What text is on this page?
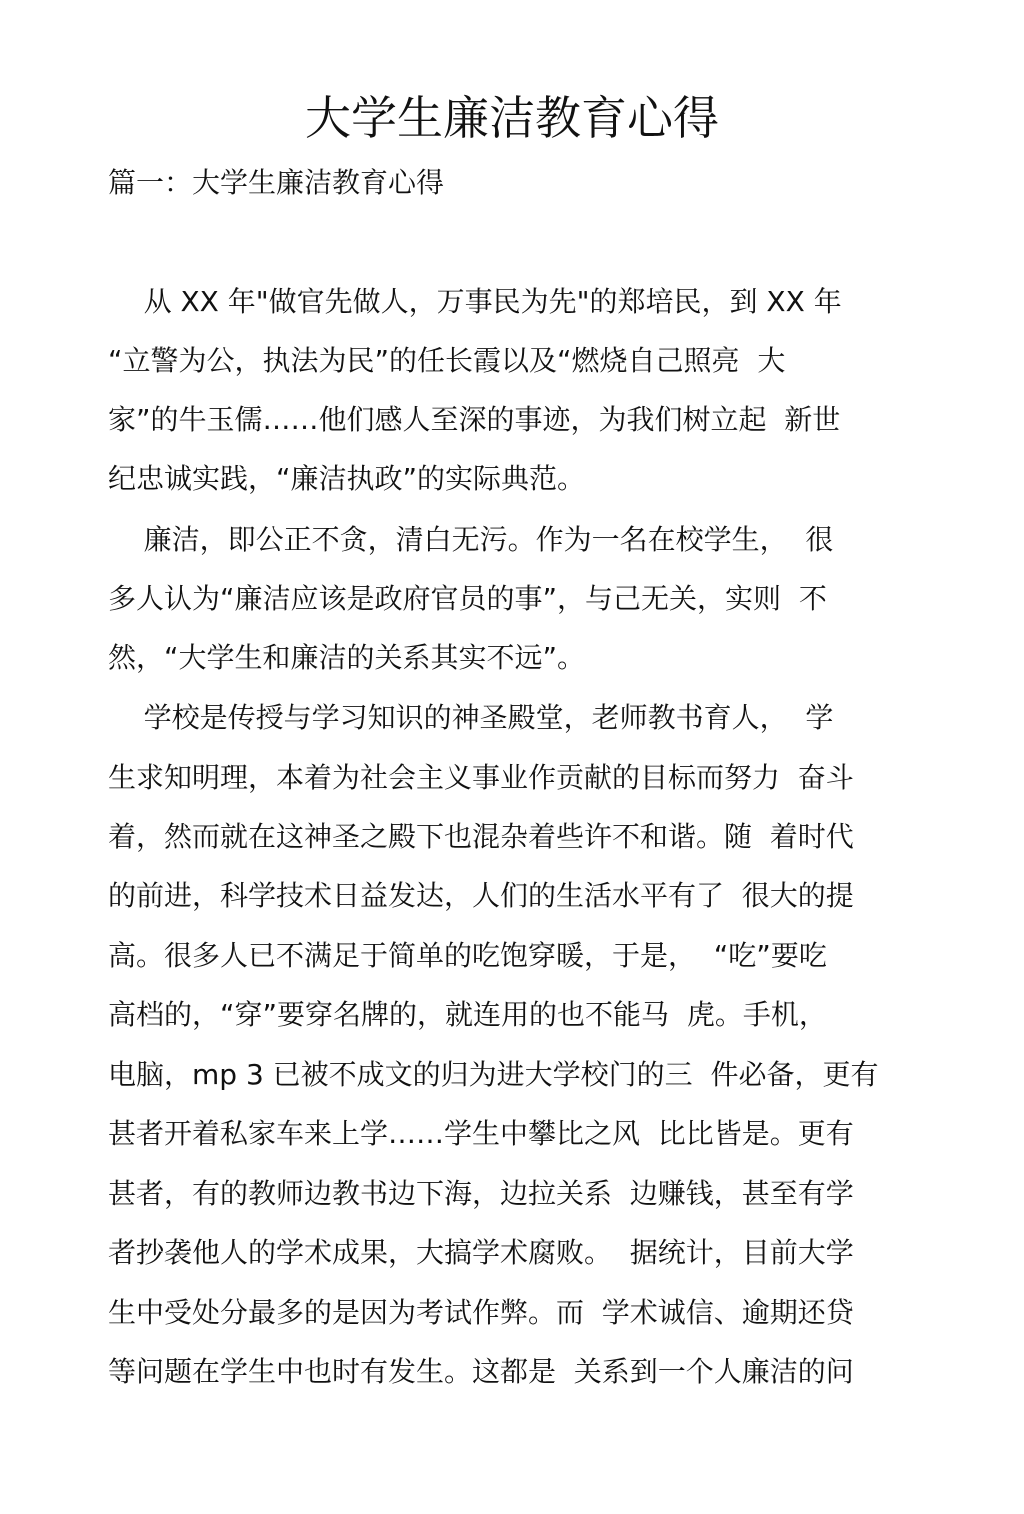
大学生廉洁教育心得
篇一：大学生廉洁教育心得

从 XX 年"做官先做人，万事民为先"的郑培民，到 XX 年

“立警为公，执法为民”的任长霞以及“燃烧自己照亮  大

家”的牛玉儒……他们感人至深的事迹，为我们树立起  新世

纪忠诚实践，“廉洁执政”的实际典范。

廉洁，即公正不贪，清白无污。作为一名在校学生，  很

多人认为“廉洁应该是政府官员的事”，与己无关，实则  不

然，“大学生和廉洁的关系其实不远”。

学校是传授与学习知识的神圣殿堂，老师教书育人，  学

生求知明理，本着为社会主义事业作贡献的目标而努力  奋斗

着，然而就在这神圣之殿下也混杂着些许不和谐。随  着时代

的前进，科学技术日益发达，人们的生活水平有了  很大的提

高。很多人已不满足于简单的吃饱穿暖，于是，  “吃”要吃

高档的，“穿”要穿名牌的，就连用的也不能马  虎。手机，

电脑，mp 3 已被不成文的归为进大学校门的三  件必备，更有

甚者开着私家车来上学……学生中攀比之风  比比皆是。更有

甚者，有的教师边教书边下海，边拉关系  边赚钱，甚至有学

者抄袭他人的学术成果，大搞学术腐败。  据统计，目前大学

生中受处分最多的是因为考试作弊。而  学术诚信、逾期还贷

等问题在学生中也时有发生。这都是  关系到一个人廉洁的问
